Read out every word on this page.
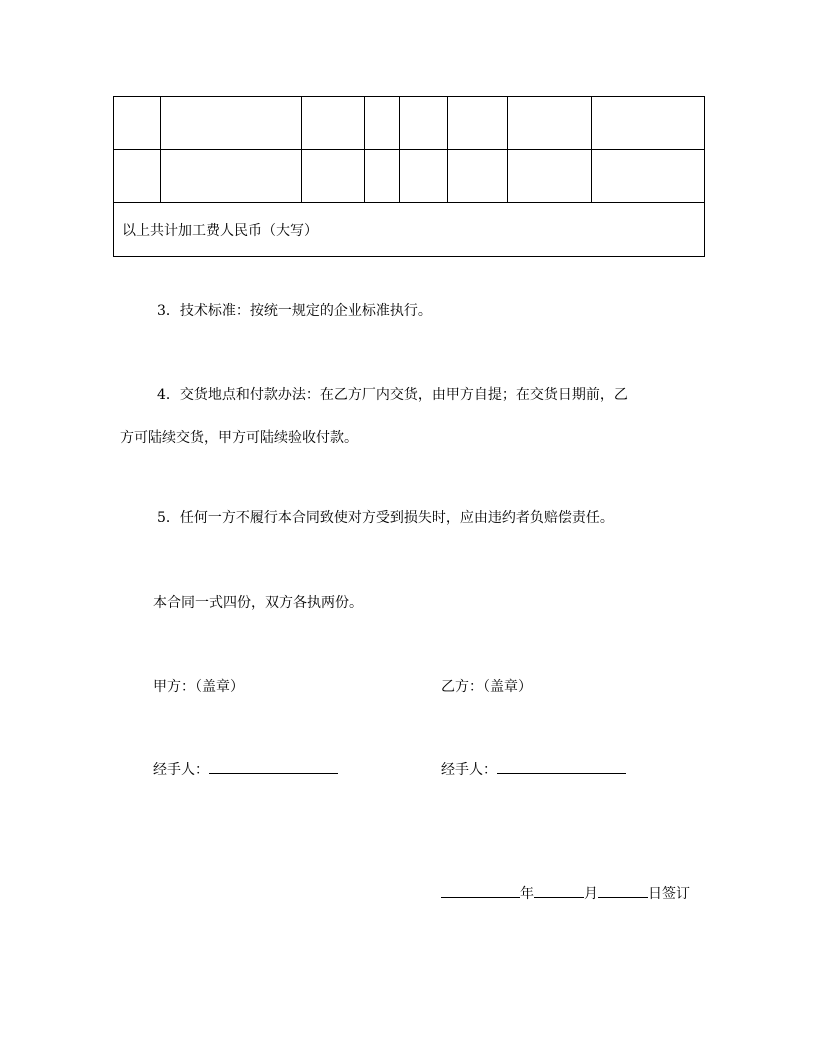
以上共计加工费人民币（大写）							

3．技术标准：按统一规定的企业标准执行。

4．交货地点和付款办法：在乙方厂内交货，由甲方自提；在交货日期前，乙

方可陆续交货，甲方可陆续验收付款。

5．任何一方不履行本合同致使对方受到损失时，应由违约者负赔偿责任。

本合同一式四份，双方各执两份。

甲方：（盖章）	乙方：（盖章）
经手人：	经手人：
年	月	日签订
